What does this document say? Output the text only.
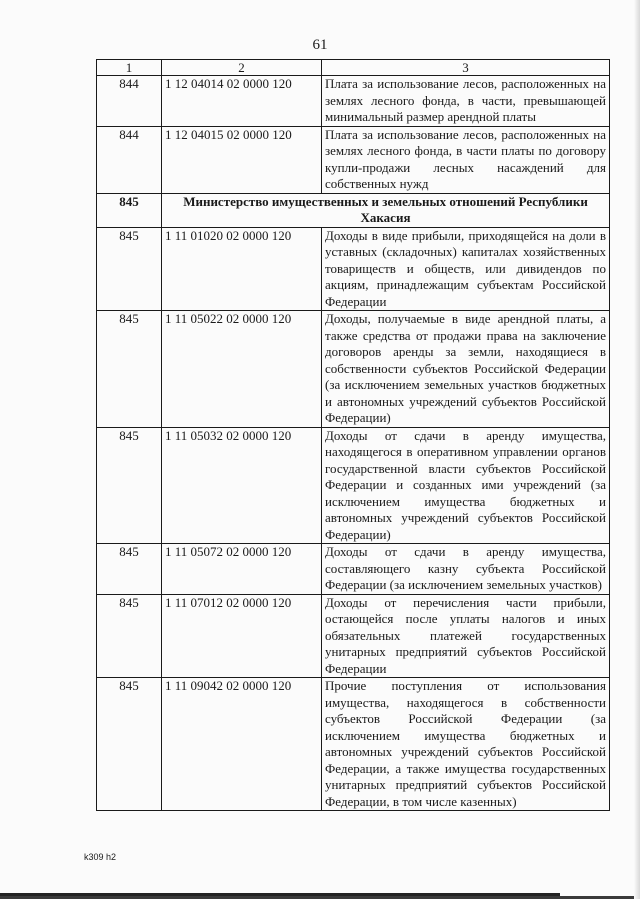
61
1	2	3
844	1 12 04014 02 0000 120	Плата за использование лесов, расположенных на землях лесного фонда, в части, превышающей минимальный размер арендной платы
844	1 12 04015 02 0000 120	Плата за использование лесов, расположенных на землях лесного фонда, в части платы по договору купли-продажи лесных насаждений для собственных нужд
845	Министерство имущественных и земельных отношений Республики Хакасия	
845	1 11 01020 02 0000 120	Доходы в виде прибыли, приходящейся на доли в уставных (складочных) капиталах хозяйственных товариществ и обществ, или дивидендов по акциям, принадлежащим субъектам Российской Федерации
845	1 11 05022 02 0000 120	Доходы, получаемые в виде арендной платы, а также средства от продажи права на заключение договоров аренды за земли, находящиеся в собственности субъектов Российской Федерации (за исключением земельных участков бюджетных и автономных учреждений субъектов Российской Федерации)
845	1 11 05032 02 0000 120	Доходы от сдачи в аренду имущества, находящегося в оперативном управлении органов государственной власти субъектов Российской Федерации и созданных ими учреждений (за исключением имущества бюджетных и автономных учреждений субъектов Российской Федерации)
845	1 11 05072 02 0000 120	Доходы от сдачи в аренду имущества, составляющего казну субъекта Российской Федерации (за исключением земельных участков)
845	1 11 07012 02 0000 120	Доходы от перечисления части прибыли, остающейся после уплаты налогов и иных обязательных платежей государственных унитарных предприятий субъектов Российской Федерации
845	1 11 09042 02 0000 120	Прочие поступления от использования имущества, находящегося в собственности субъектов Российской Федерации (за исключением имущества бюджетных и автономных учреждений субъектов Российской Федерации, а также имущества государственных унитарных предприятий субъектов Российской Федерации, в том числе казенных)
k309 h2
